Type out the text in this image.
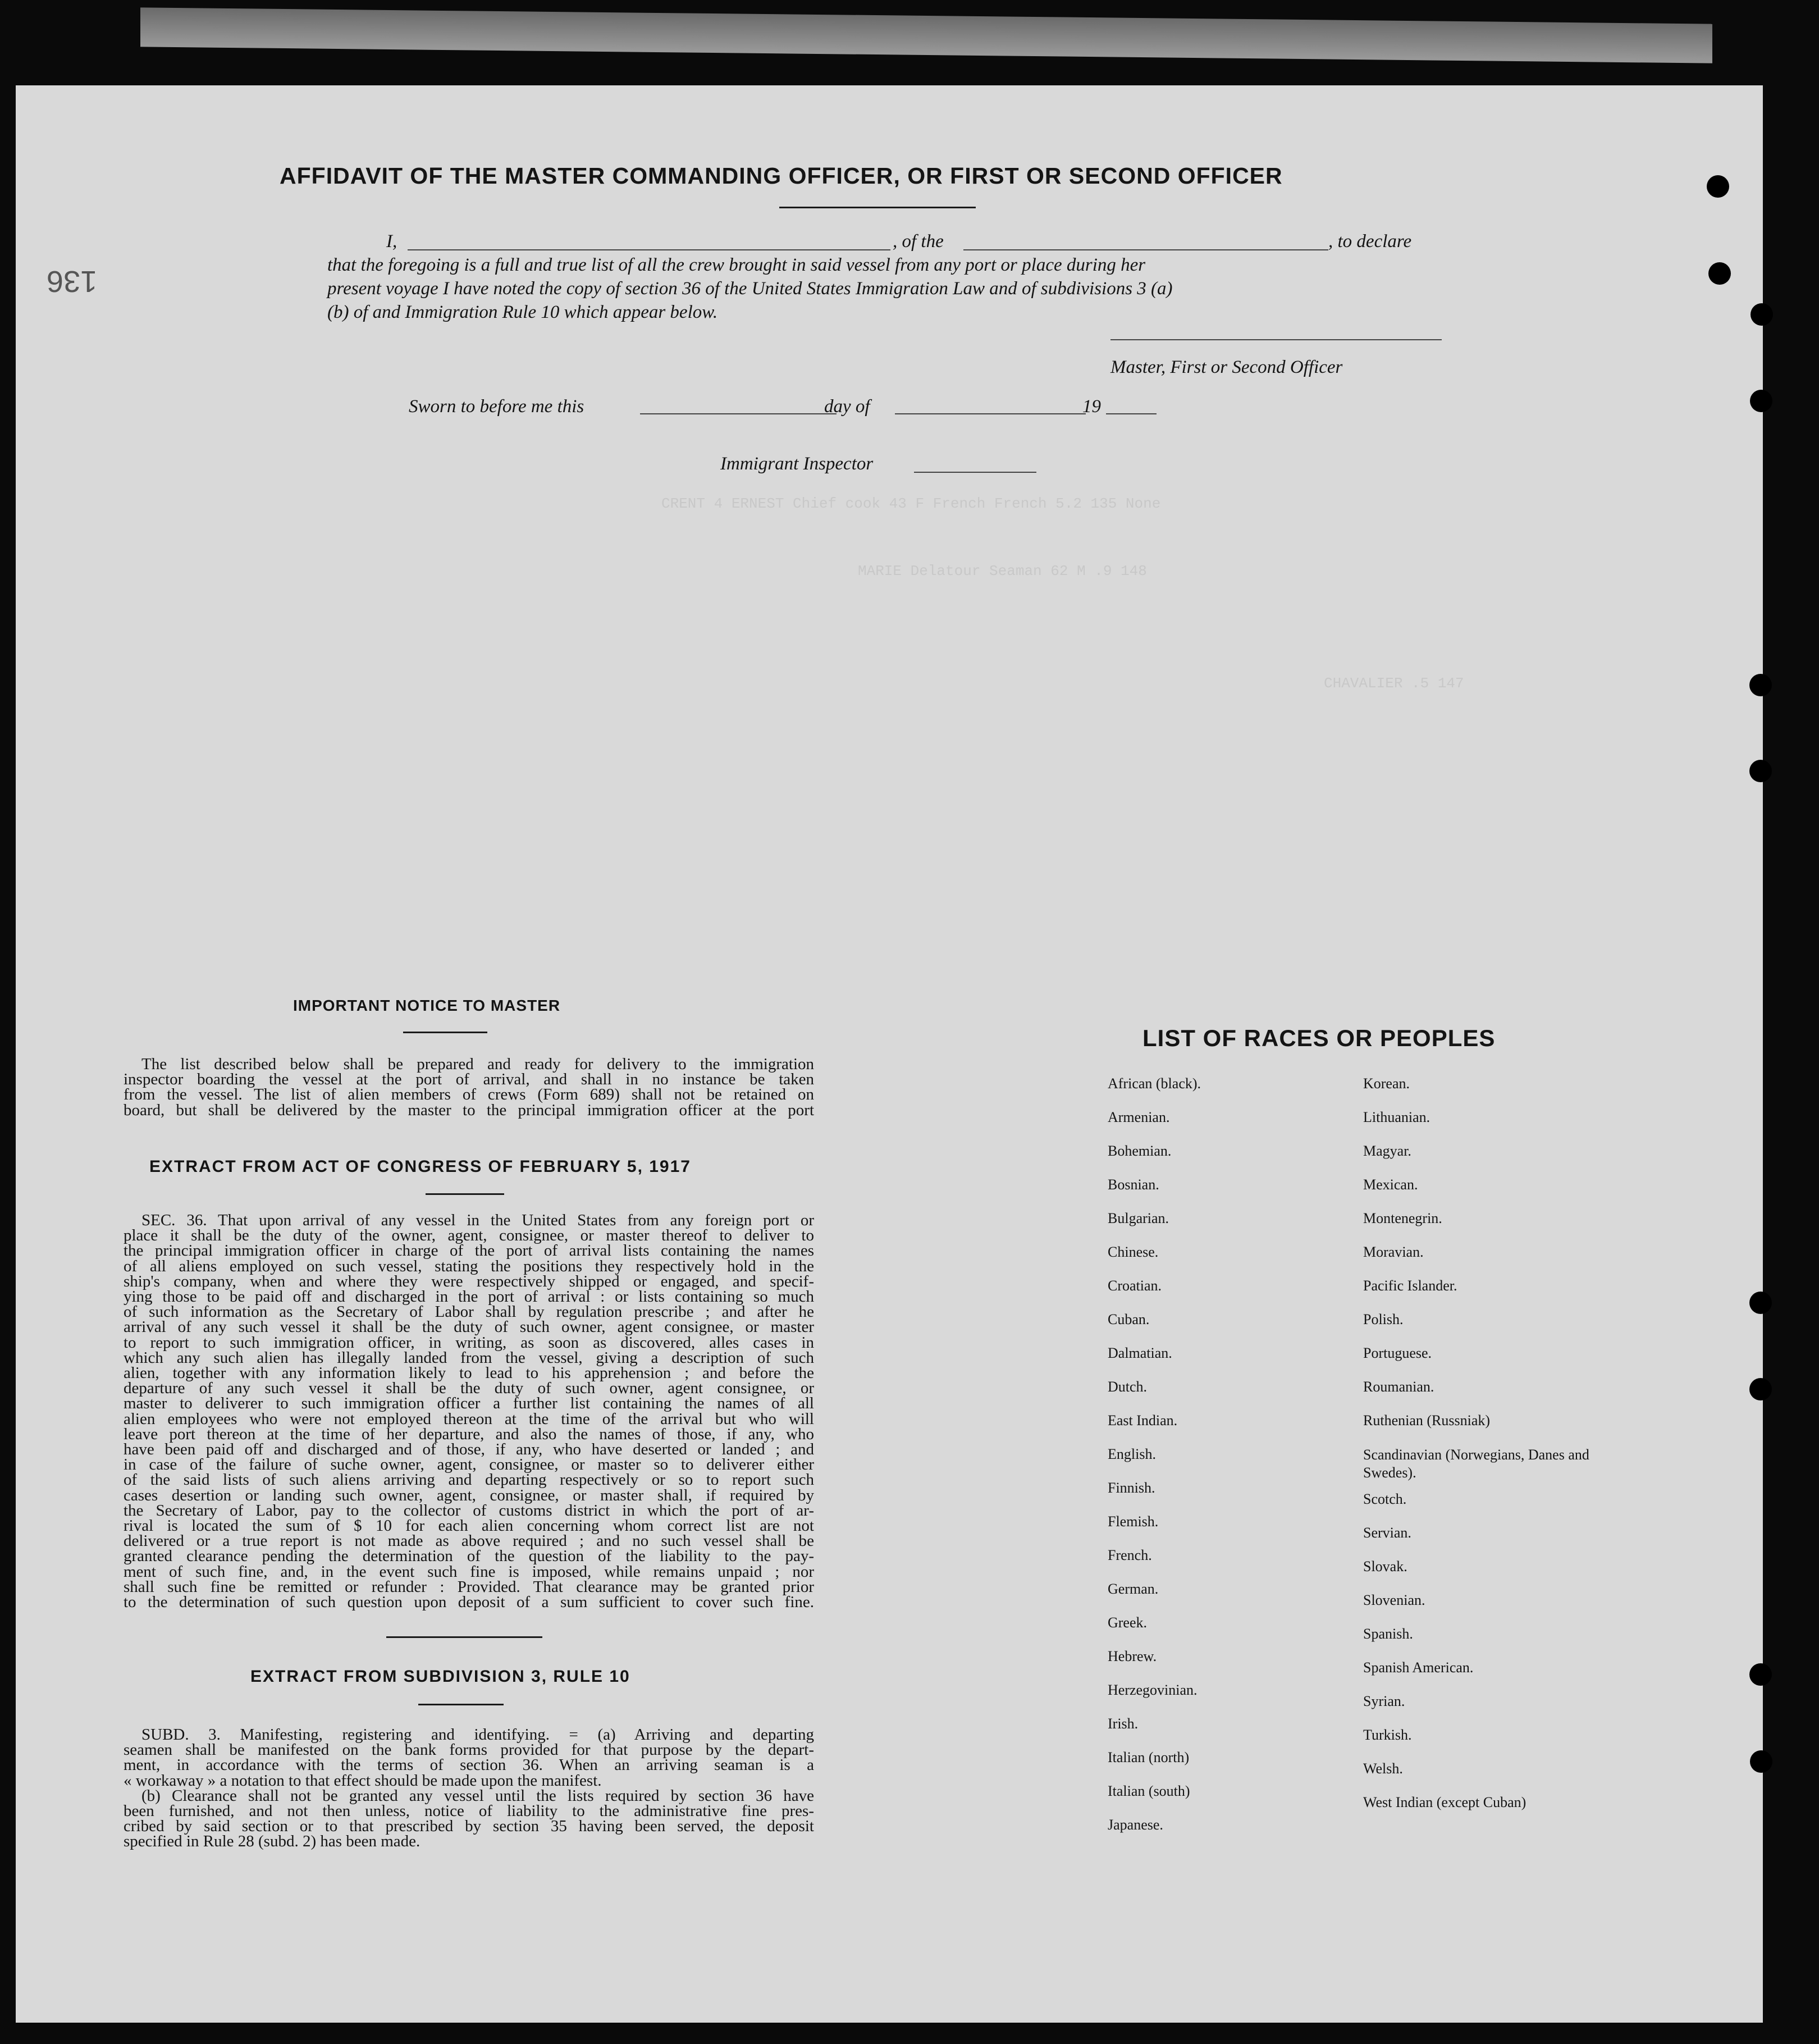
CRENT 4 ERNEST Chief cook 43 F French French 5.2 135 None
MARIE Delatour Seaman 62 M .9 148
CHAVALIER .5 147
136
AFFIDAVIT OF THE MASTER COMMANDING OFFICER, OR FIRST OR SECOND OFFICER
I,	, of the	, to declare
that the foregoing is a full and true list of all the crew brought in said vessel from any port or place during her
present voyage I have noted the copy of section 36 of the United States Immigration Law and of subdivisions 3 (a)
(b) of and Immigration Rule 10 which appear below.
Master, First or Second Officer
Sworn to before me this	day of	19
Immigrant Inspector
IMPORTANT NOTICE TO MASTER
The list described below shall be prepared and ready for delivery to the immigration
inspector boarding the vessel at the port of arrival, and shall in no instance be taken
from the vessel. The list of alien members of crews (Form 689) shall not be retained on
board, but shall be delivered by the master to the principal immigration officer at the port
EXTRACT FROM ACT OF CONGRESS OF FEBRUARY 5, 1917
SEC. 36. That upon arrival of any vessel in the United States from any foreign port or
place it shall be the duty of the owner, agent, consignee, or master thereof to deliver to
the principal immigration officer in charge of the port of arrival lists containing the names
of all aliens employed on such vessel, stating the positions they respectively hold in the
ship's company, when and where they were respectively shipped or engaged, and specif-
ying those to be paid off and discharged in the port of arrival : or lists containing so much
of such information as the Secretary of Labor shall by regulation prescribe ; and after he
arrival of any such vessel it shall be the duty of such owner, agent consignee, or master
to report to such immigration officer, in writing, as soon as discovered, alles cases in
which any such alien has illegally landed from the vessel, giving a description of such
alien, together with any information likely to lead to his apprehension ; and before the
departure of any such vessel it shall be the duty of such owner, agent consignee, or
master to deliverer to such immigration officer a further list containing the names of all
alien employees who were not employed thereon at the time of the arrival but who will
leave port thereon at the time of her departure, and also the names of those, if any, who
have been paid off and discharged and of those, if any, who have deserted or landed ; and
in case of the failure of suche owner, agent, consignee, or master so to deliverer either
of the said lists of such aliens arriving and departing respectively or so to report such
cases desertion or landing such owner, agent, consignee, or master shall, if required by
the Secretary of Labor, pay to the collector of customs district in which the port of ar-
rival is located the sum of $ 10 for each alien concerning whom correct list are not
delivered or a true report is not made as above required ; and no such vessel shall be
granted clearance pending the determination of the question of the liability to the pay-
ment of such fine, and, in the event such fine is imposed, while remains unpaid ; nor
shall such fine be remitted or refunder : Provided. That clearance may be granted prior
to the determination of such question upon deposit of a sum sufficient to cover such fine.
EXTRACT FROM SUBDIVISION 3, RULE 10
SUBD. 3. Manifesting, registering and identifying. = (a) Arriving and departing
seamen shall be manifested on the bank forms provided for that purpose by the depart-
ment, in accordance with the terms of section 36. When an arriving seaman is a
« workaway » a notation to that effect should be made upon the manifest.
(b) Clearance shall not be granted any vessel until the lists required by section 36 have
been furnished, and not then unless, notice of liability to the administrative fine pres-
cribed by said section or to that prescribed by section 35 having been served, the deposit
specified in Rule 28 (subd. 2) has been made.
LIST OF RACES OR PEOPLES
African (black).
Armenian.
Bohemian.
Bosnian.
Bulgarian.
Chinese.
Croatian.
Cuban.
Dalmatian.
Dutch.
East Indian.
English.
Finnish.
Flemish.
French.
German.
Greek.
Hebrew.
Herzegovinian.
Irish.
Italian (north)
Italian (south)
Japanese.
Korean.
Lithuanian.
Magyar.
Mexican.
Montenegrin.
Moravian.
Pacific Islander.
Polish.
Portuguese.
Roumanian.
Ruthenian (Russniak)
Scandinavian (Norwegians, Danes and Swedes).
Scotch.
Servian.
Slovak.
Slovenian.
Spanish.
Spanish American.
Syrian.
Turkish.
Welsh.
West Indian (except Cuban)
